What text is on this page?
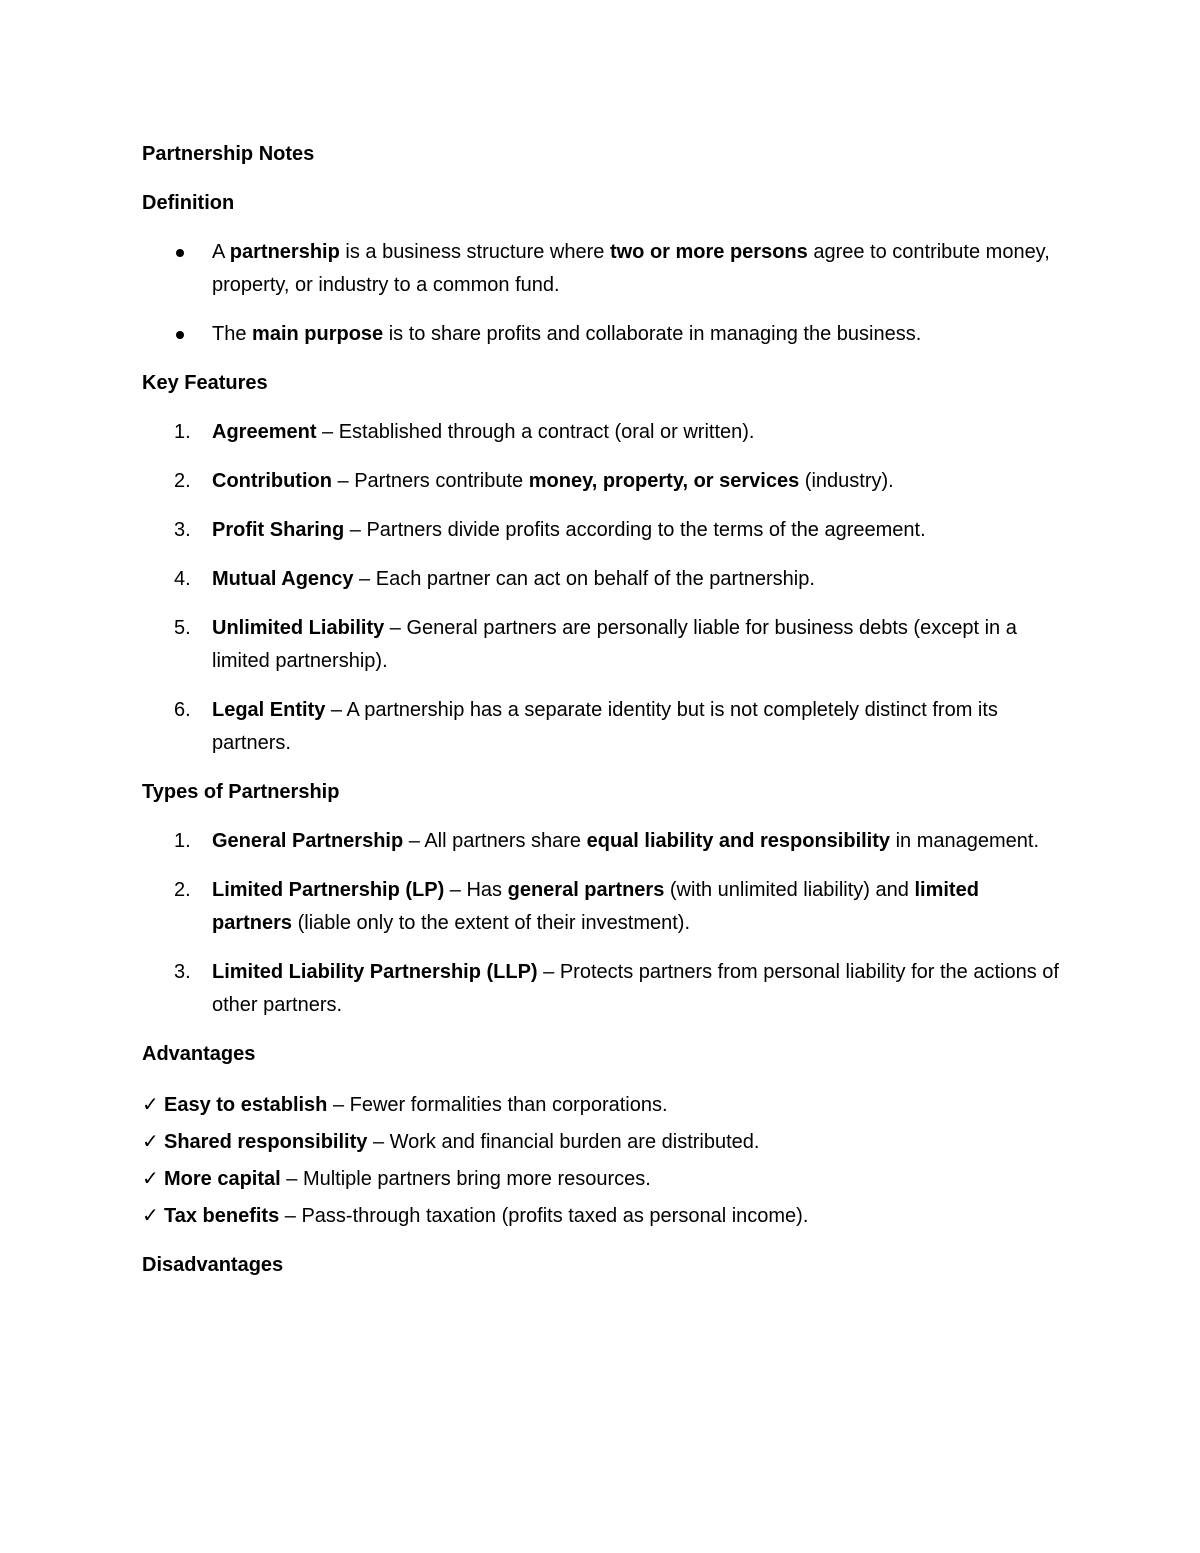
Partnership Notes
Definition
A partnership is a business structure where two or more persons agree to contribute money, property, or industry to a common fund.
The main purpose is to share profits and collaborate in managing the business.
Key Features
1. Agreement – Established through a contract (oral or written).
2. Contribution – Partners contribute money, property, or services (industry).
3. Profit Sharing – Partners divide profits according to the terms of the agreement.
4. Mutual Agency – Each partner can act on behalf of the partnership.
5. Unlimited Liability – General partners are personally liable for business debts (except in a limited partnership).
6. Legal Entity – A partnership has a separate identity but is not completely distinct from its partners.
Types of Partnership
1. General Partnership – All partners share equal liability and responsibility in management.
2. Limited Partnership (LP) – Has general partners (with unlimited liability) and limited partners (liable only to the extent of their investment).
3. Limited Liability Partnership (LLP) – Protects partners from personal liability for the actions of other partners.
Advantages
✓ Easy to establish – Fewer formalities than corporations.
✓ Shared responsibility – Work and financial burden are distributed.
✓ More capital – Multiple partners bring more resources.
✓ Tax benefits – Pass-through taxation (profits taxed as personal income).
Disadvantages
